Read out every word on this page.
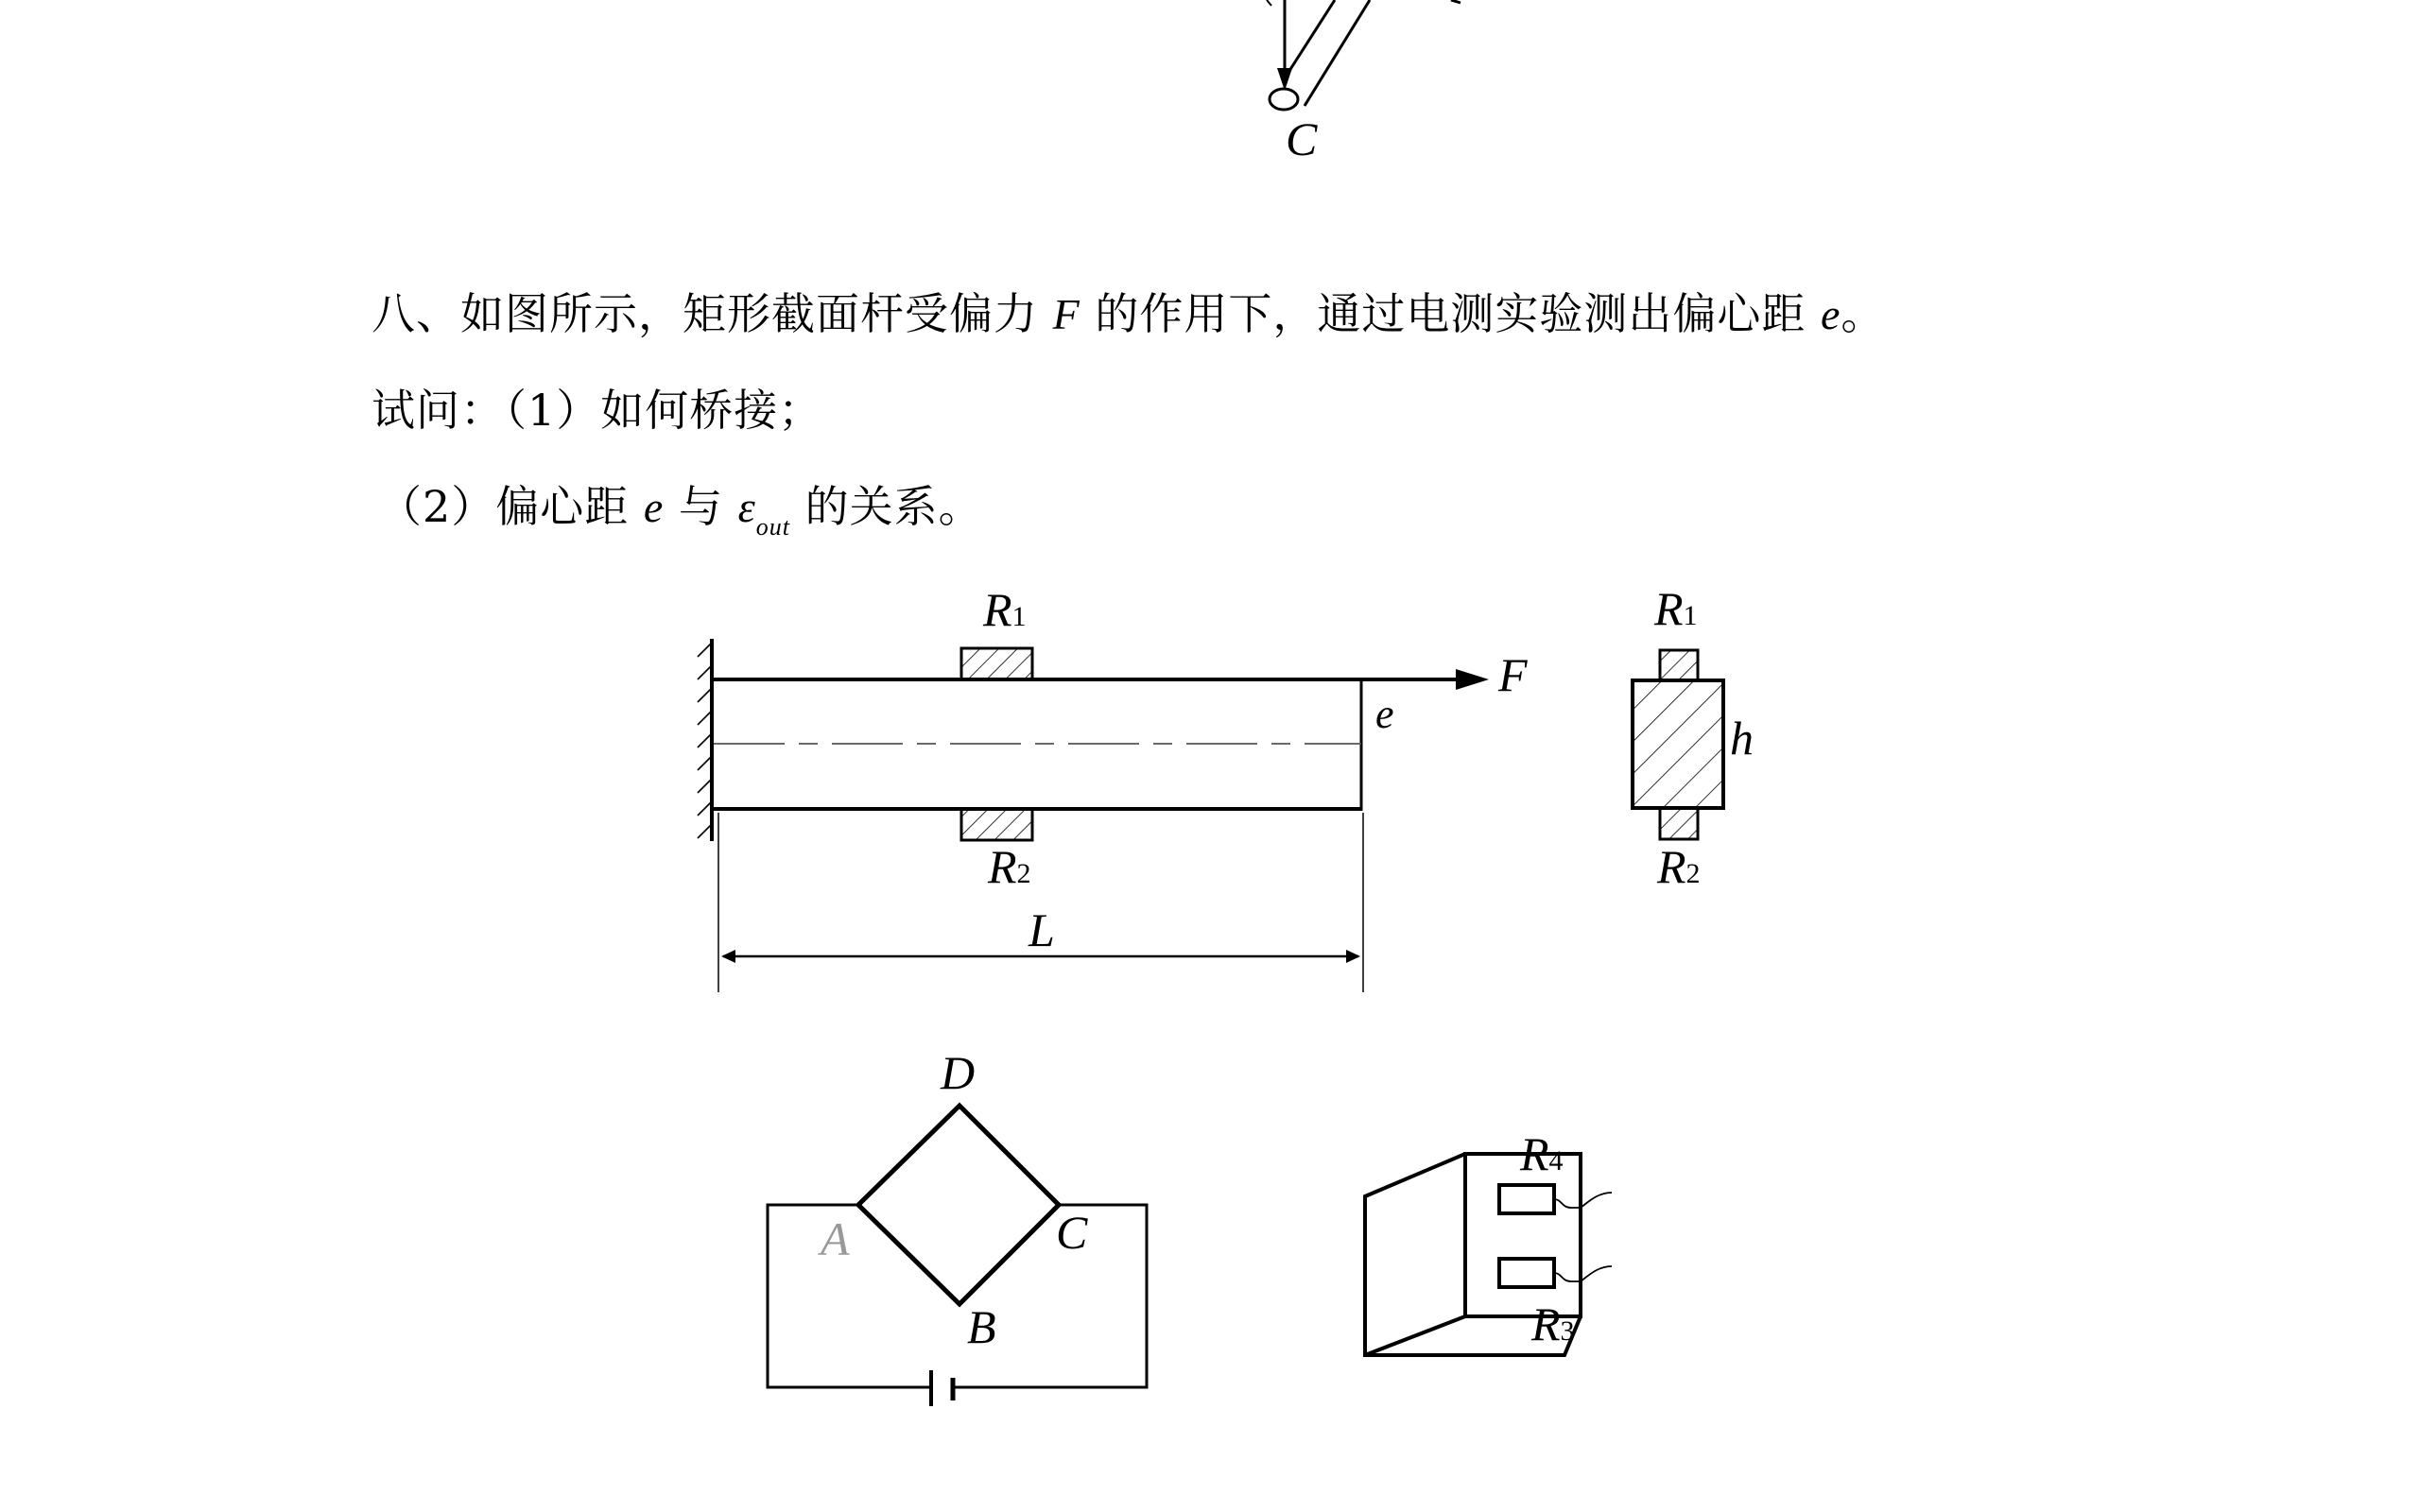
C
八、如图所示，矩形截面杆受偏力 F 的作用下，通过电测实验测出偏心距 e。
试问：（1）如何桥接；
（2）偏心距 e 与 $\varepsilon_{out}$ 的关系。
R1
R2
F
e
L
R1
R2
h
D
A	C
B
R4
R3
